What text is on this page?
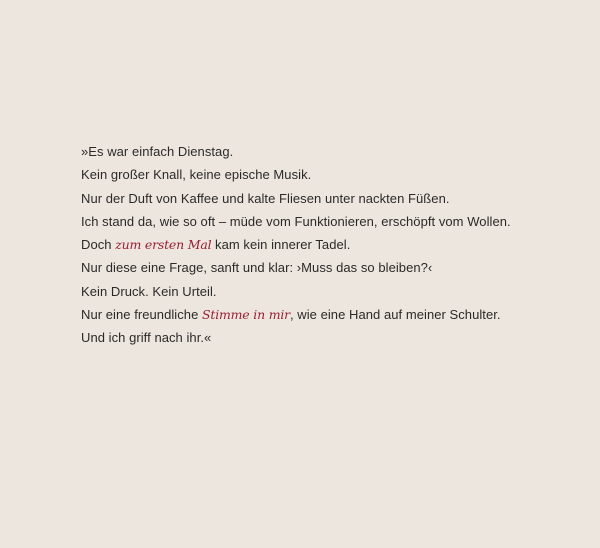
»Es war einfach Dienstag.
Kein großer Knall, keine epische Musik.
Nur der Duft von Kaffee und kalte Fliesen unter nackten Füßen.
Ich stand da, wie so oft – müde vom Funktionieren, erschöpft vom Wollen.
Doch zum ersten Mal kam kein innerer Tadel.
Nur diese eine Frage, sanft und klar: ›Muss das so bleiben?‹
Kein Druck. Kein Urteil.
Nur eine freundliche Stimme in mir, wie eine Hand auf meiner Schulter.
Und ich griff nach ihr.«
